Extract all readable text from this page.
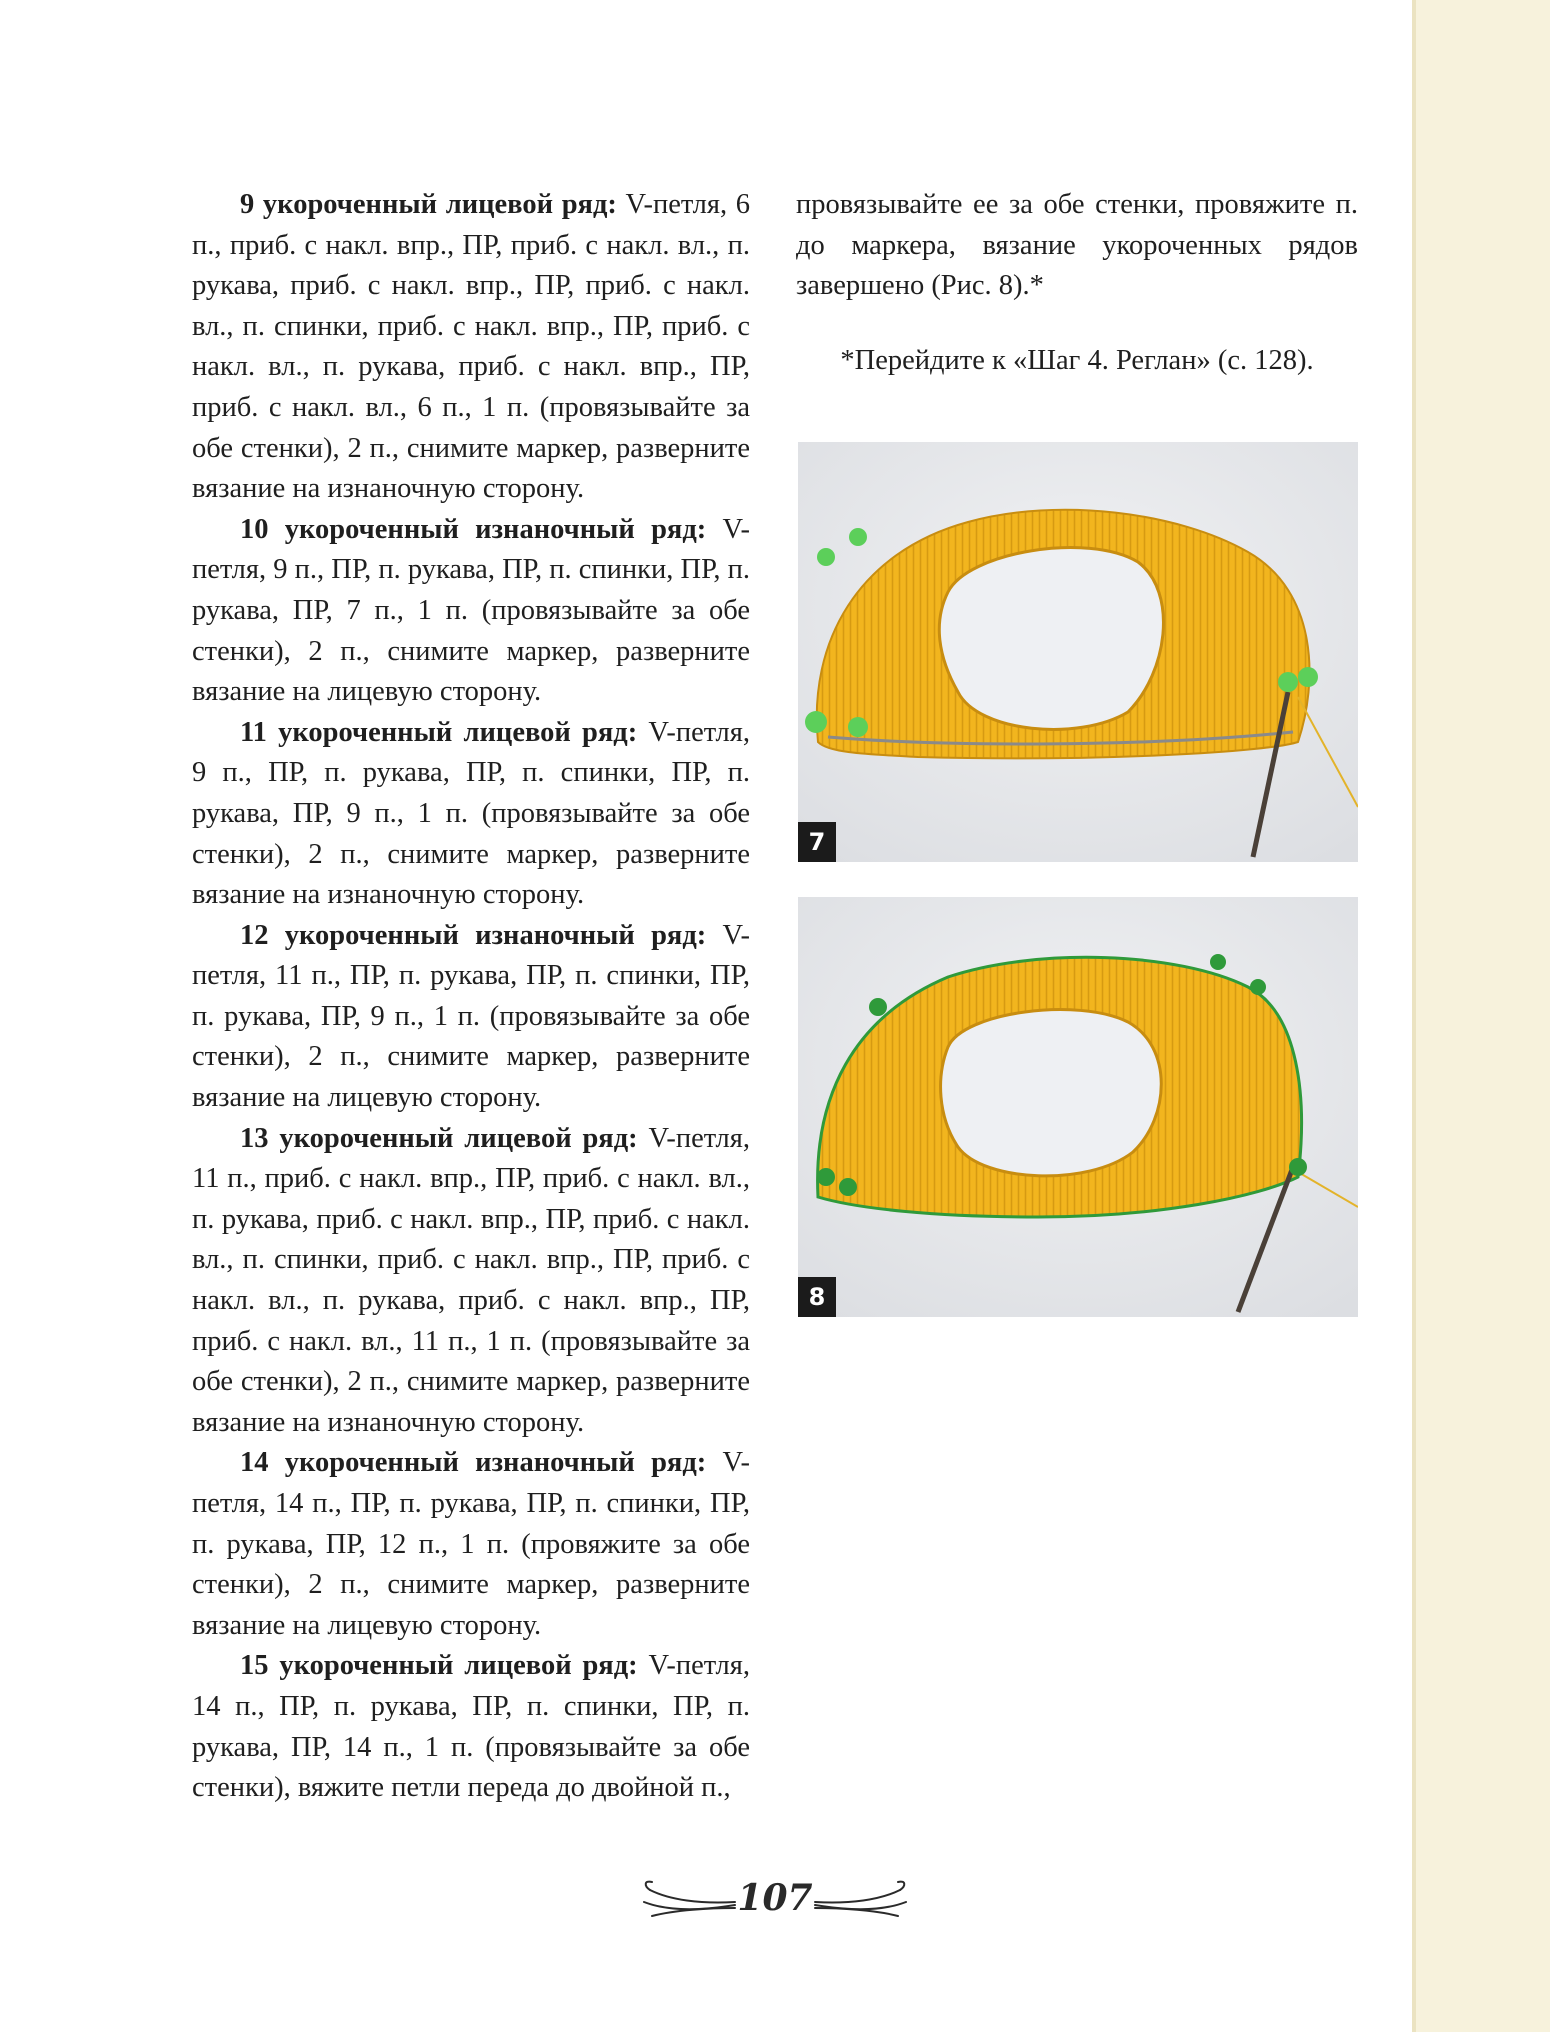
9 укороченный лицевой ряд: V-петля, 6 п., приб. с накл. впр., ПР, приб. с накл. вл., п. рукава, приб. с накл. впр., ПР, приб. с накл. вл., п. спинки, приб. с накл. впр., ПР, приб. с накл. вл., п. рукава, приб. с накл. впр., ПР, приб. с накл. вл., 6 п., 1 п. (провязывайте за обе стенки), 2 п., снимите маркер, разверните вязание на изнаночную сторону.

10 укороченный изнаночный ряд: V-петля, 9 п., ПР, п. рукава, ПР, п. спинки, ПР, п. рукава, ПР, 7 п., 1 п. (провязывайте за обе стенки), 2 п., снимите маркер, разверните вязание на лицевую сторону.

11 укороченный лицевой ряд: V-петля, 9 п., ПР, п. рукава, ПР, п. спинки, ПР, п. рукава, ПР, 9 п., 1 п. (провязывайте за обе стенки), 2 п., снимите маркер, разверните вязание на изнаночную сторону.

12 укороченный изнаночный ряд: V-петля, 11 п., ПР, п. рукава, ПР, п. спинки, ПР, п. рукава, ПР, 9 п., 1 п. (провязывайте за обе стенки), 2 п., снимите маркер, разверните вязание на лицевую сторону.

13 укороченный лицевой ряд: V-петля, 11 п., приб. с накл. впр., ПР, приб. с накл. вл., п. рукава, приб. с накл. впр., ПР, приб. с накл. вл., п. спинки, приб. с накл. впр., ПР, приб. с накл. вл., п. рукава, приб. с накл. впр., ПР, приб. с накл. вл., 11 п., 1 п. (провязывайте за обе стенки), 2 п., снимите маркер, разверните вязание на изнаночную сторону.

14 укороченный изнаночный ряд: V-петля, 14 п., ПР, п. рукава, ПР, п. спинки, ПР, п. рукава, ПР, 12 п., 1 п. (провяжите за обе стенки), 2 п., снимите маркер, разверните вязание на лицевую сторону.

15 укороченный лицевой ряд: V-петля, 14 п., ПР, п. рукава, ПР, п. спинки, ПР, п. рукава, ПР, 14 п., 1 п. (провязывайте за обе стенки), вяжите петли переда до двойной п.,

провязывайте ее за обе стенки, провяжите п. до маркера, вязание укороченных рядов завершено (Рис. 8).*

*Перейдите к «Шаг 4. Реглан» (с. 128).

7
8
107
